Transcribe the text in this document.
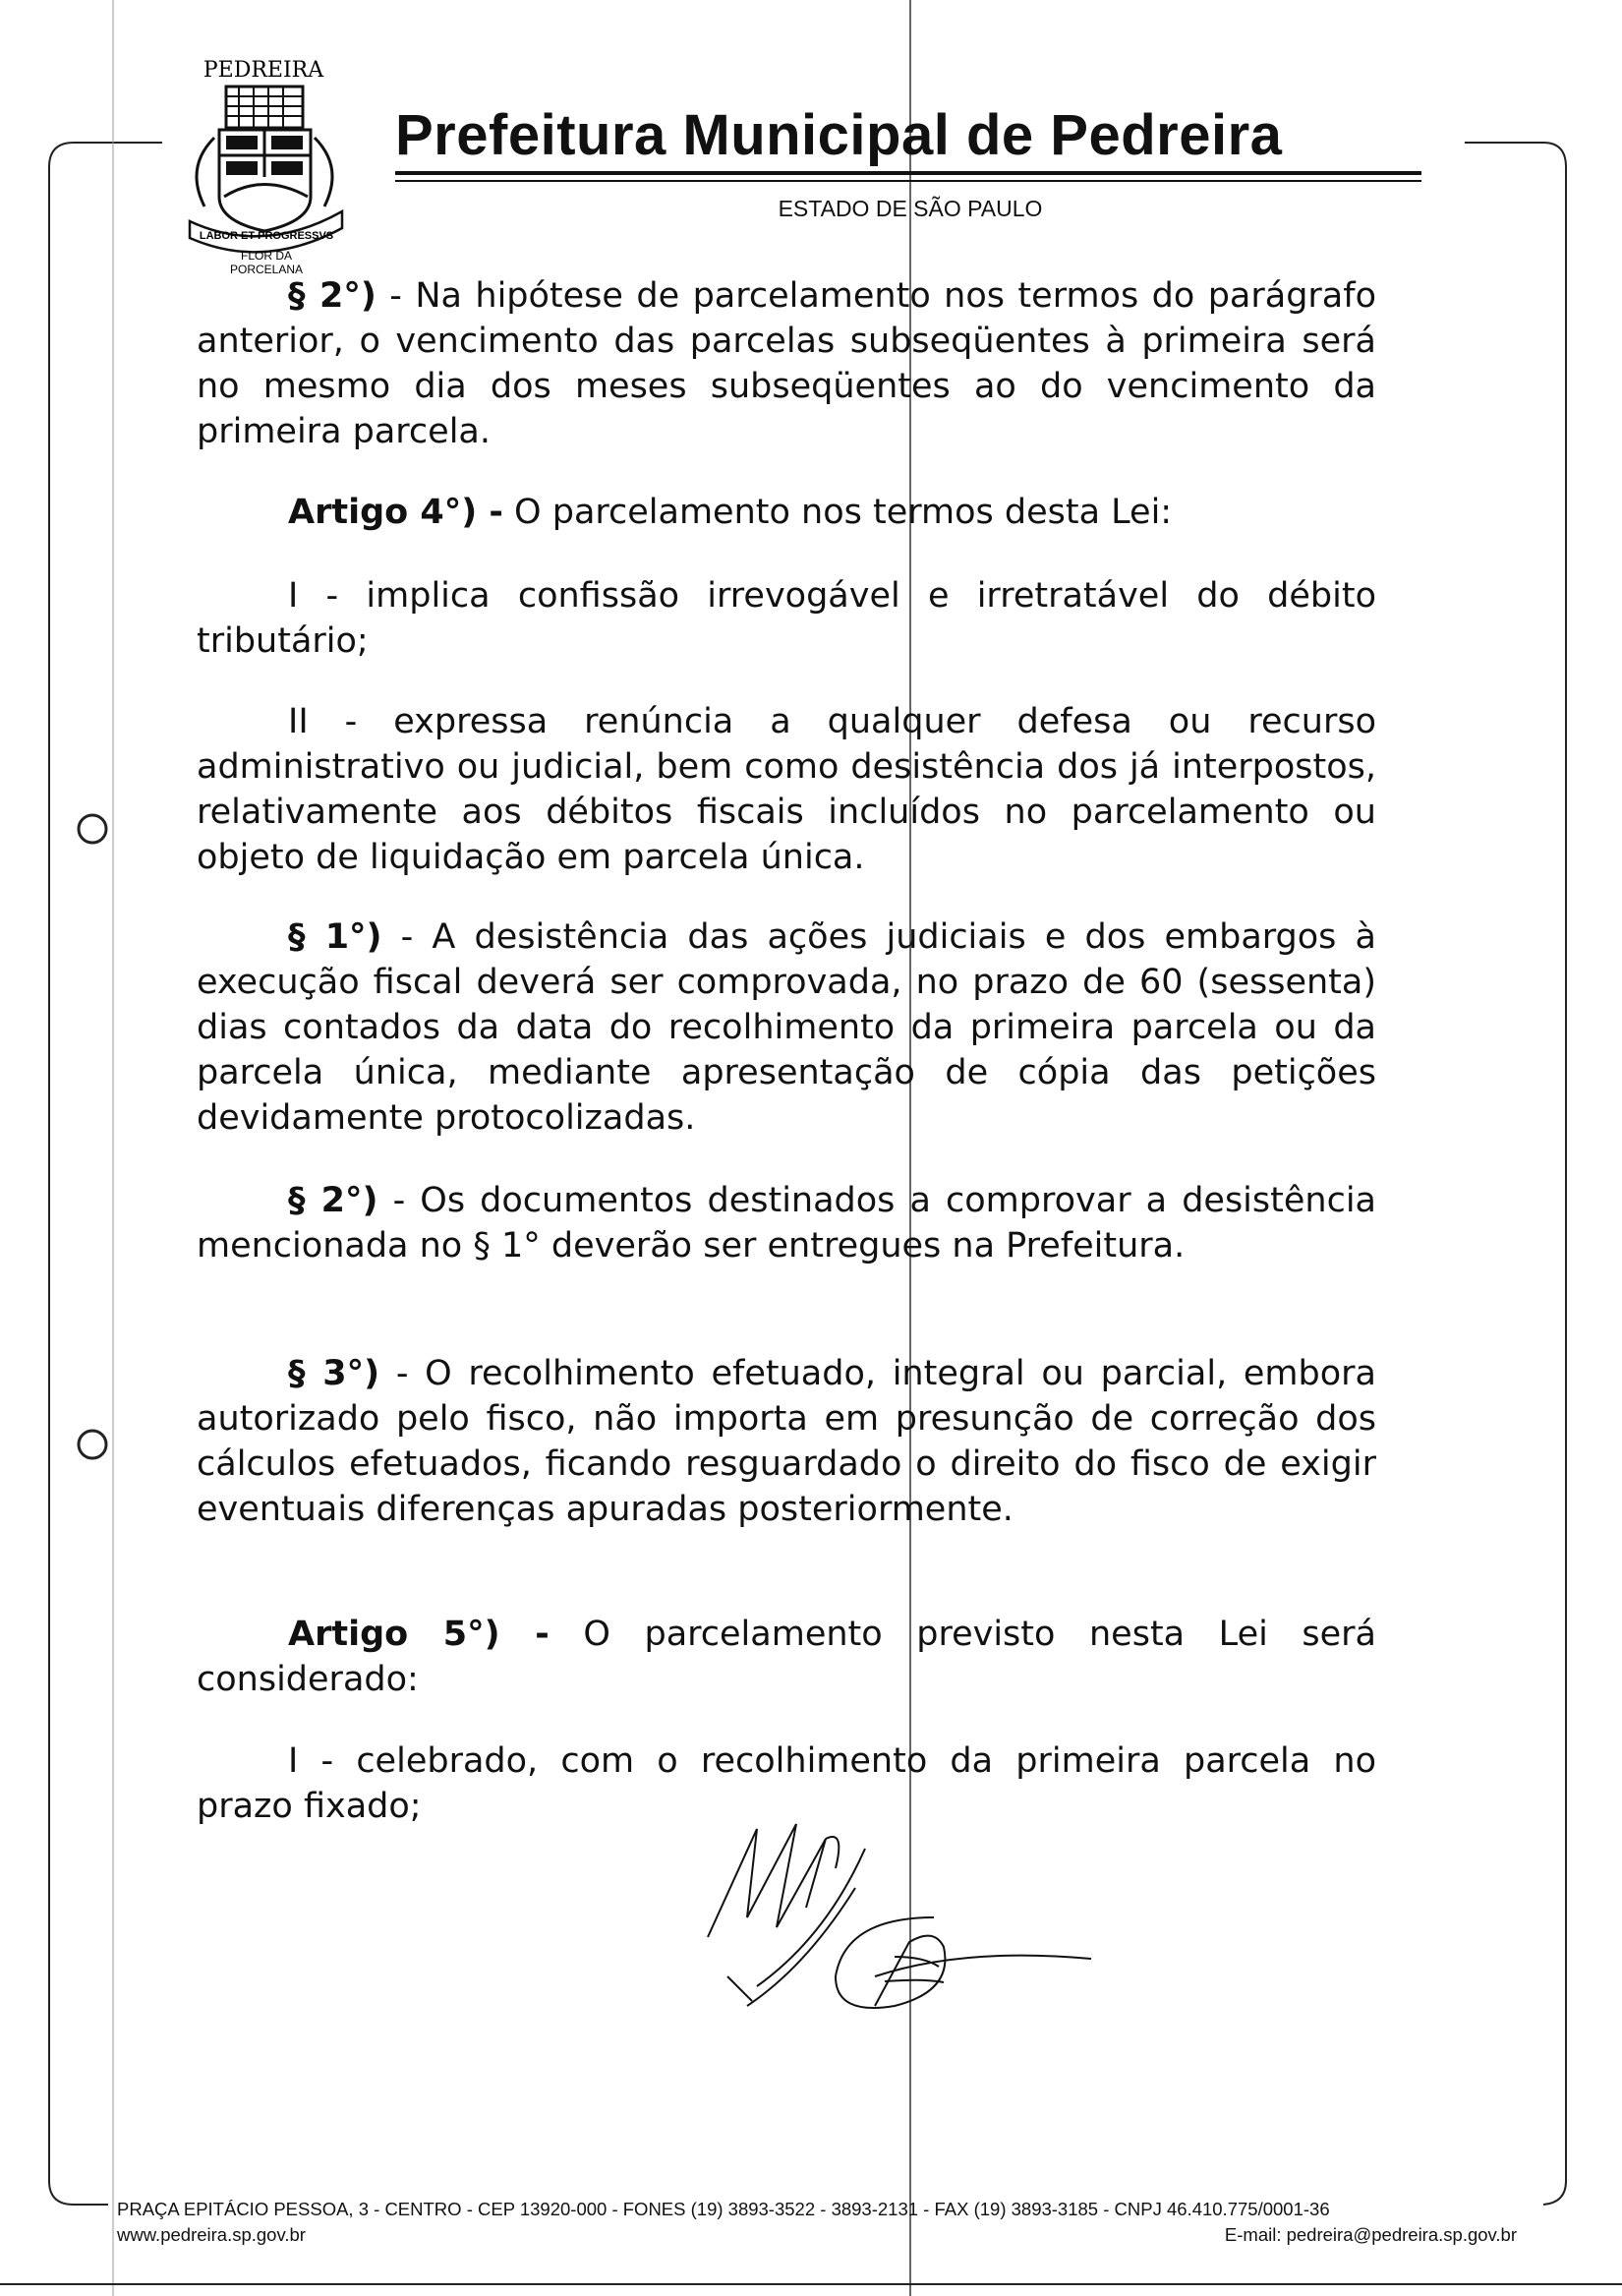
PEDREIRA
LABOR ET PROGRESSVS
FLOR DA
PORCELANA
Prefeitura Municipal de Pedreira
ESTADO DE SÃO PAULO
§ 2°) - Na hipótese de parcelamento nos termos do parágrafo anterior, o vencimento das parcelas subseqüentes à primeira será no mesmo dia dos meses subseqüentes ao do vencimento da primeira parcela.
Artigo 4°) - O parcelamento nos termos desta Lei:
I - implica confissão irrevogável e irretratável do débito tributário;
II - expressa renúncia a qualquer defesa ou recurso administrativo ou judicial, bem como desistência dos já interpostos, relativamente aos débitos fiscais incluídos no parcelamento ou objeto de liquidação em parcela única.
§ 1°) - A desistência das ações judiciais e dos embargos à execução fiscal deverá ser comprovada, no prazo de 60 (sessenta) dias contados da data do recolhimento da primeira parcela ou da parcela única, mediante apresentação de cópia das petições devidamente protocolizadas.
§ 2°) - Os documentos destinados a comprovar a desistência mencionada no § 1° deverão ser entregues na Prefeitura.
§ 3°) - O recolhimento efetuado, integral ou parcial, embora autorizado pelo fisco, não importa em presunção de correção dos cálculos efetuados, ficando resguardado o direito do fisco de exigir eventuais diferenças apuradas posteriormente.
Artigo 5°) - O parcelamento previsto nesta Lei será considerado:
I - celebrado, com o recolhimento da primeira parcela no prazo fixado;
PRAÇA EPITÁCIO PESSOA, 3 - CENTRO - CEP 13920-000 - FONES (19) 3893-3522 - 3893-2131 - FAX (19) 3893-3185 - CNPJ 46.410.775/0001-36
www.pedreira.sp.gov.br	E-mail: pedreira@pedreira.sp.gov.br
